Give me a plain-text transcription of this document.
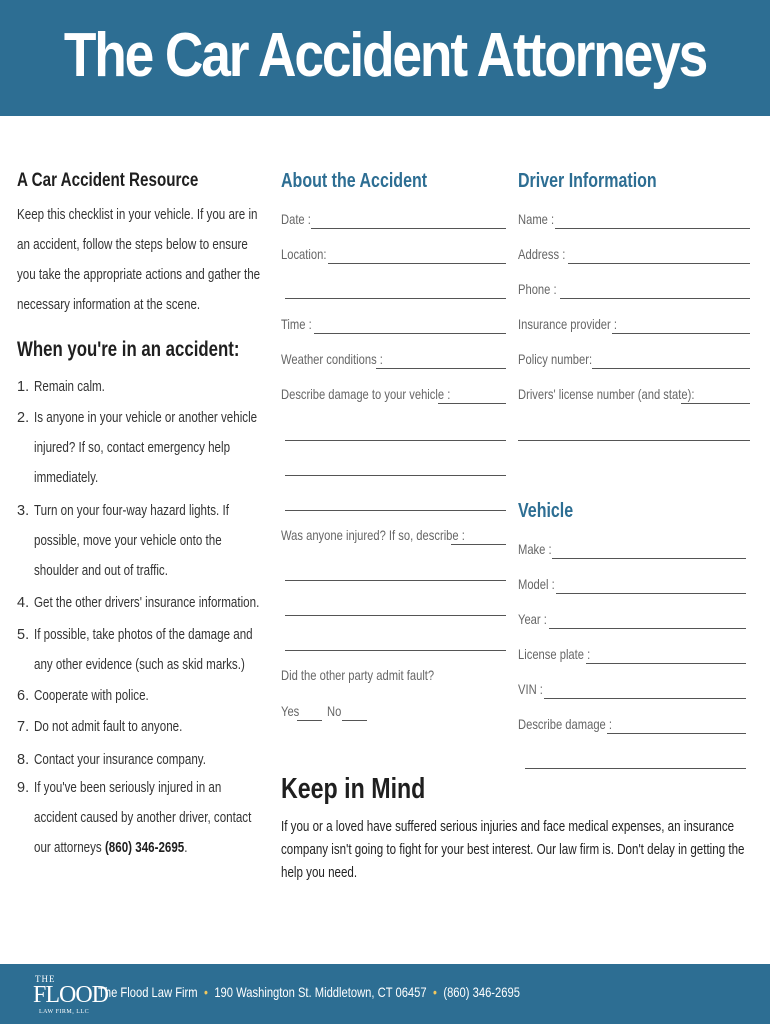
The Car Accident Attorneys
A Car Accident Resource
Keep this checklist in your vehicle. If you are in
an accident, follow the steps below to ensure
you take the appropriate actions and gather the
necessary information at the scene.
When you're in an accident:
1. Remain calm.
2. Is anyone in your vehicle or another vehicle
injured? If so, contact emergency help
immediately.
3. Turn on your four-way hazard lights. If
possible, move your vehicle onto the
shoulder and out of traffic.
4. Get the other drivers' insurance information.
5. If possible, take photos of the damage and
any other evidence (such as skid marks.)
6. Cooperate with police.
7. Do not admit fault to anyone.
8. Contact your insurance company.
9. If you've been seriously injured in an
accident caused by another driver, contact
our attorneys (860) 346-2695.
About the Accident
Date :
Location:
Time :
Weather conditions :
Describe damage to your vehicle :
Was anyone injured? If so, describe :
Did the other party admit fault?
Yes	No
Driver Information
Name :
Address :
Phone :
Insurance provider :
Policy number:
Drivers' license number (and state):
Vehicle
Make :
Model :
Year :
License plate :
VIN :
Describe damage :
Keep in Mind
If you or a loved have suffered serious injuries and face medical expenses, an insurance company isn't going to fight for your best interest. Our law firm is. Don't delay in getting the help you need.
THE
FLOOD
LAW FIRM, LLC
The Flood Law Firm • 190 Washington St. Middletown, CT 06457 • (860) 346-2695
